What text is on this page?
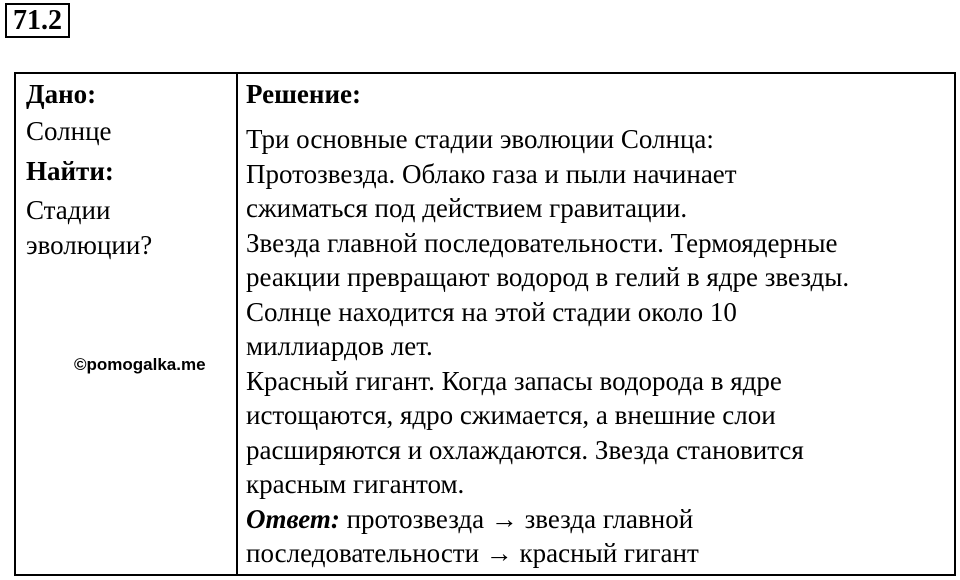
71.2
Дано:
Солнце
Найти:
Стадии
эволюции?
©pomogalka.me
Решение:
Три основные стадии эволюции Солнца:
Протозвезда. Облако газа и пыли начинает
сжиматься под действием гравитации.
Звезда главной последовательности. Термоядерные
реакции превращают водород в гелий в ядре звезды.
Солнце находится на этой стадии около 10
миллиардов лет.
Красный гигант. Когда запасы водорода в ядре
истощаются, ядро сжимается, а внешние слои
расширяются и охлаждаются. Звезда становится
красным гигантом.
Ответ: протозвезда → звезда главной
последовательности → красный гигант
